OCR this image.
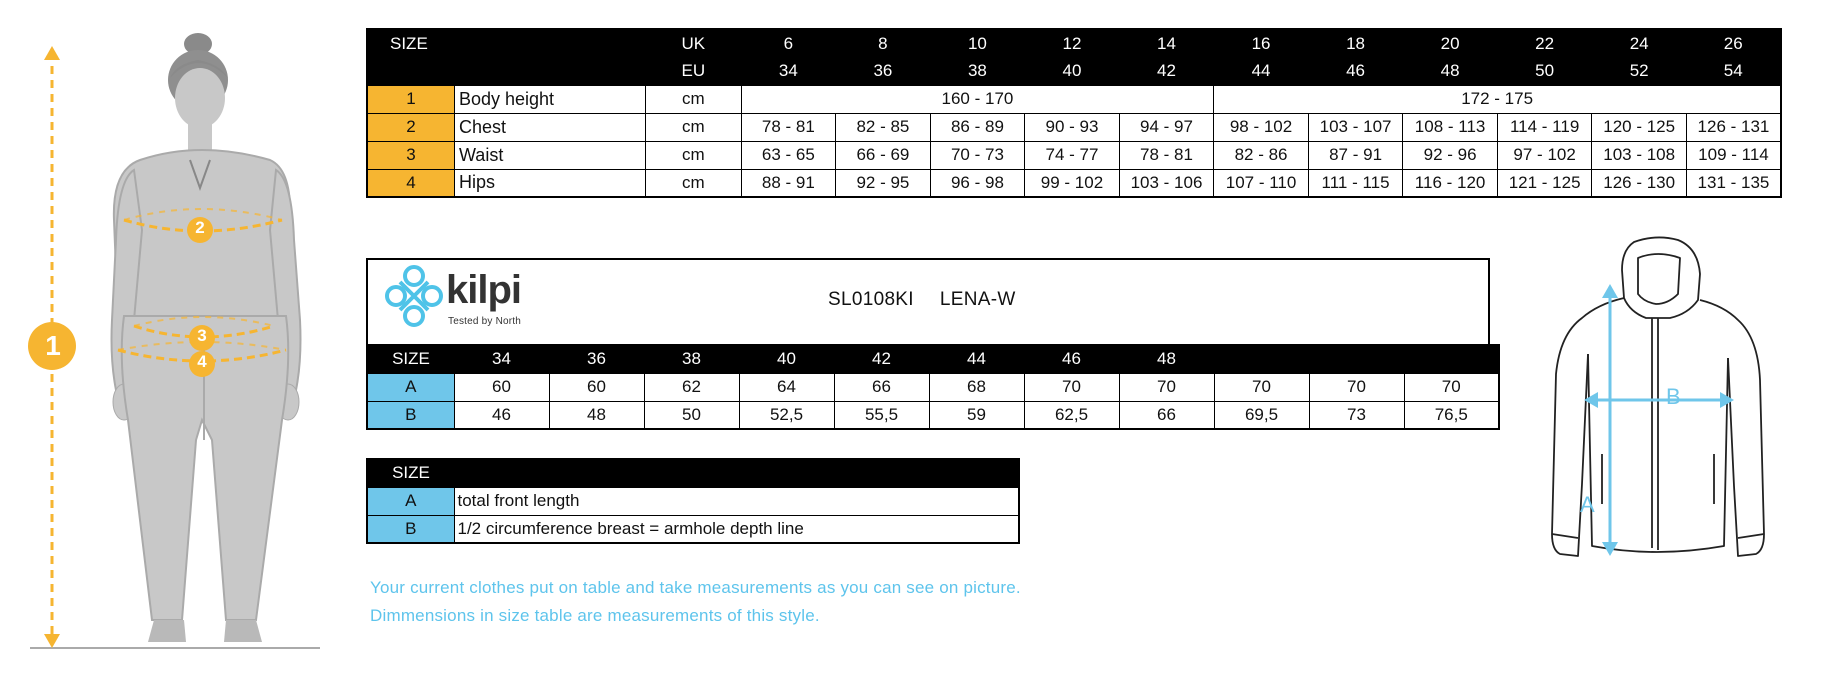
1
2
3
4
SIZE		UK	6	8	10	12	14	16	18	20	22	24	26
		EU	34	36	38	40	42	44	46	48	50	52	54
1	Body height	cm	160 - 170					172 - 175					
2	Chest	cm	78 - 81	82 - 85	86 - 89	90 - 93	94 - 97	98 - 102	103 - 107	108 - 113	114 - 119	120 - 125	126 - 131
3	Waist	cm	63 - 65	66 - 69	70 - 73	74 - 77	78 - 81	82 - 86	87 - 91	92 - 96	97 - 102	103 - 108	109 - 114
4	Hips	cm	88 - 91	92 - 95	96 - 98	99 - 102	103 - 106	107 - 110	111 - 115	116 - 120	121 - 125	126 - 130	131 - 135
kilpi
Tested by North
SL0108KI LENA-W
SIZE	34	36	38	40	42	44	46	48			
A	60	60	62	64	66	68	70	70	70	70	70
B	46	48	50	52,5	55,5	59	62,5	66	69,5	73	76,5
SIZE	
A	total front length
B	1/2 circumference breast = armhole depth line
Your current clothes put on table and take measurements as you can see on picture.
Dimmensions in size table are measurements of this style.
A
B
